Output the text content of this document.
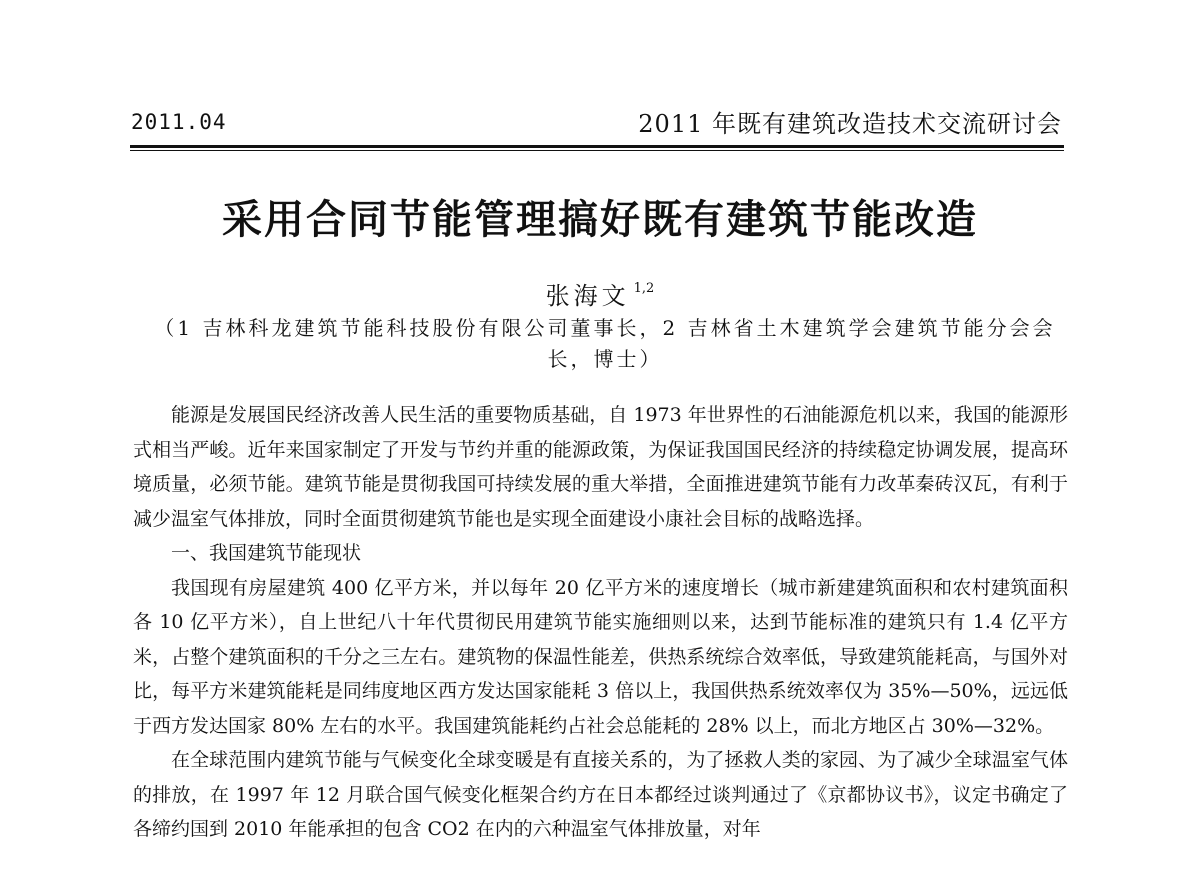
2011.04	2011 年既有建筑改造技术交流研讨会
采用合同节能管理搞好既有建筑节能改造
张海文 $^{1,2}$
（1 吉林科龙建筑节能科技股份有限公司董事长，2 吉林省土木建筑学会建筑节能分会会长，博士）

能源是发展国民经济改善人民生活的重要物质基础，自 1973 年世界性的石油能源危机以来，我国的能源形式相当严峻。近年来国家制定了开发与节约并重的能源政策，为保证我国国民经济的持续稳定协调发展，提高环境质量，必须节能。建筑节能是贯彻我国可持续发展的重大举措，全面推进建筑节能有力改革秦砖汉瓦，有利于减少温室气体排放，同时全面贯彻建筑节能也是实现全面建设小康社会目标的战略选择。

一、我国建筑节能现状

我国现有房屋建筑 400 亿平方米，并以每年 20 亿平方米的速度增长（城市新建建筑面积和农村建筑面积各 10 亿平方米），自上世纪八十年代贯彻民用建筑节能实施细则以来，达到节能标准的建筑只有 1.4 亿平方米，占整个建筑面积的千分之三左右。建筑物的保温性能差，供热系统综合效率低，导致建筑能耗高，与国外对比，每平方米建筑能耗是同纬度地区西方发达国家能耗 3 倍以上，我国供热系统效率仅为 35%—50%，远远低于西方发达国家 80% 左右的水平。我国建筑能耗约占社会总能耗的 28% 以上，而北方地区占 30%—32%。

在全球范围内建筑节能与气候变化全球变暖是有直接关系的，为了拯救人类的家园、为了减少全球温室气体的排放，在 1997 年 12 月联合国气候变化框架合约方在日本都经过谈判通过了《京都协议书》，议定书确定了各缔约国到 2010 年能承担的包含 CO2 在内的六种温室气体排放量，对年
